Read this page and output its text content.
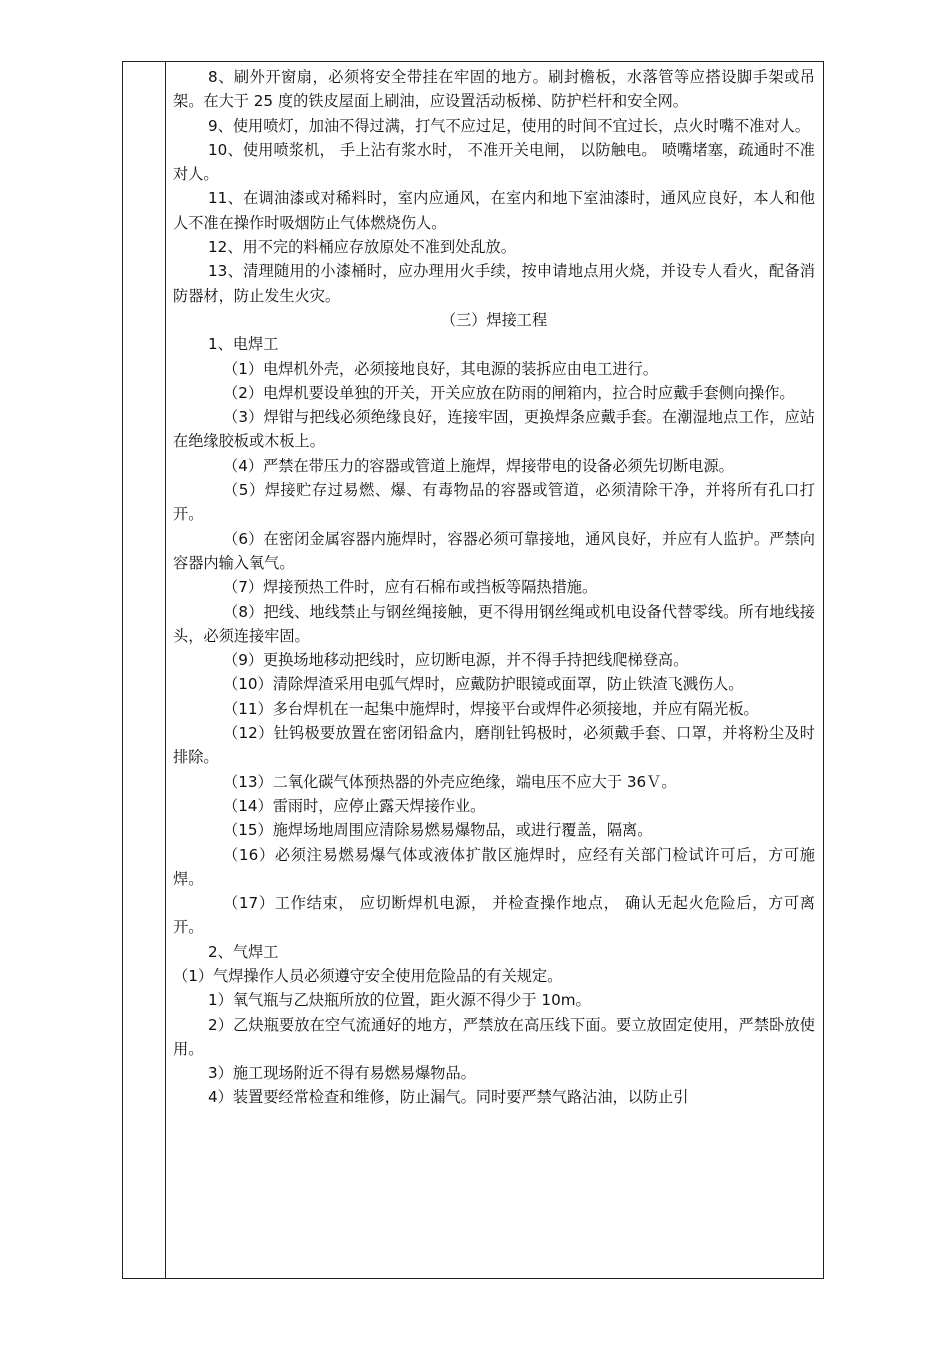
8、刷外开窗扇，必须将安全带挂在牢固的地方。刷封檐板，水落管等应搭设脚手架或吊架。在大于 25 度的铁皮屋面上刷油，应设置活动板梯、防护栏杆和安全网。

9、使用喷灯，加油不得过满，打气不应过足，使用的时间不宜过长，点火时嘴不准对人。

10、使用喷浆机， 手上沾有浆水时， 不准开关电闸， 以防触电。 喷嘴堵塞，疏通时不准对人。

11、在调油漆或对稀料时，室内应通风，在室内和地下室油漆时，通风应良好，本人和他人不准在操作时吸烟防止气体燃烧伤人。

12、用不完的料桶应存放原处不准到处乱放。

13、清理随用的小漆桶时，应办理用火手续，按申请地点用火烧，并设专人看火，配备消防器材，防止发生火灾。

（三）焊接工程

1、电焊工

（1）电焊机外壳，必须接地良好，其电源的装拆应由电工进行。

（2）电焊机要设单独的开关，开关应放在防雨的闸箱内，拉合时应戴手套侧向操作。

（3）焊钳与把线必须绝缘良好，连接牢固，更换焊条应戴手套。在潮湿地点工作，应站在绝缘胶板或木板上。

（4）严禁在带压力的容器或管道上施焊，焊接带电的设备必须先切断电源。

（5）焊接贮存过易燃、爆、有毒物品的容器或管道，必须清除干净，并将所有孔口打开。

（6）在密闭金属容器内施焊时，容器必须可靠接地，通风良好，并应有人监护。严禁向容器内输入氧气。

（7）焊接预热工件时，应有石棉布或挡板等隔热措施。

（8）把线、地线禁止与钢丝绳接触，更不得用钢丝绳或机电设备代替零线。所有地线接头，必须连接牢固。

（9）更换场地移动把线时，应切断电源，并不得手持把线爬梯登高。

（10）清除焊渣采用电弧气焊时，应戴防护眼镜或面罩，防止铁渣飞溅伤人。

（11）多台焊机在一起集中施焊时，焊接平台或焊件必须接地，并应有隔光板。

（12）钍钨极要放置在密闭铅盒内，磨削钍钨极时，必须戴手套、口罩，并将粉尘及时排除。

（13）二氧化碳气体预热器的外壳应绝缘，端电压不应大于 36Ｖ。

（14）雷雨时，应停止露天焊接作业。

（15）施焊场地周围应清除易燃易爆物品，或进行覆盖，隔离。

（16）必须注易燃易爆气体或液体扩散区施焊时，应经有关部门检试许可后，方可施焊。

（17）工作结束， 应切断焊机电源， 并检查操作地点， 确认无起火危险后，方可离开。

2、气焊工

（1）气焊操作人员必须遵守安全使用危险品的有关规定。

1）氧气瓶与乙炔瓶所放的位置，距火源不得少于 10m。

2）乙炔瓶要放在空气流通好的地方，严禁放在高压线下面。要立放固定使用，严禁卧放使用。

3）施工现场附近不得有易燃易爆物品。

4）装置要经常检查和维修，防止漏气。同时要严禁气路沾油，以防止引
